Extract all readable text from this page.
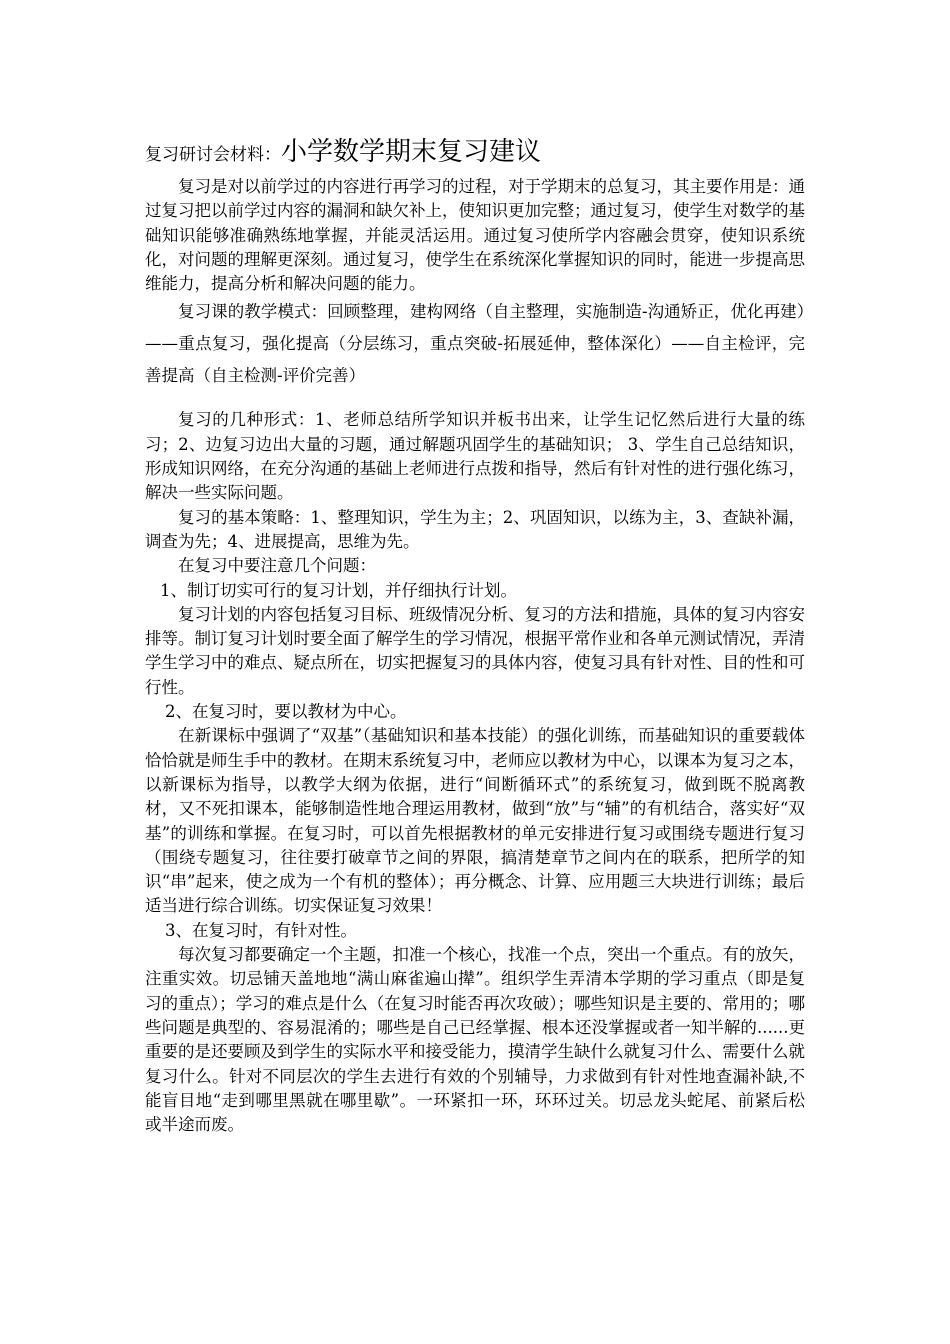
复习研讨会材料：小学数学期末复习建议

复习是对以前学过的内容进行再学习的过程，对于学期末的总复习，其主要作用是：通过复习把以前学过内容的漏洞和缺欠补上，使知识更加完整；通过复习，使学生对数学的基础知识能够准确熟练地掌握，并能灵活运用。通过复习使所学内容融会贯穿，使知识系统化，对问题的理解更深刻。通过复习，使学生在系统深化掌握知识的同时，能进一步提高思维能力，提高分析和解决问题的能力。

复习课的教学模式：回顾整理，建构网络（自主整理，实施制造-沟通矫正，优化再建）——重点复习，强化提高（分层练习，重点突破-拓展延伸，整体深化）——自主检评，完善提高（自主检测-评价完善）

复习的几种形式：1、老师总结所学知识并板书出来，让学生记忆然后进行大量的练习；2、边复习边出大量的习题，通过解题巩固学生的基础知识； 3、学生自己总结知识，形成知识网络，在充分沟通的基础上老师进行点拨和指导，然后有针对性的进行强化练习，解决一些实际问题。

复习的基本策略：1、整理知识，学生为主；2、巩固知识，以练为主，3、查缺补漏，调查为先；4、进展提高，思维为先。

在复习中要注意几个问题：

1、制订切实可行的复习计划，并仔细执行计划。

复习计划的内容包括复习目标、班级情况分析、复习的方法和措施，具体的复习内容安排等。制订复习计划时要全面了解学生的学习情况，根据平常作业和各单元测试情况，弄清学生学习中的难点、疑点所在，切实把握复习的具体内容，使复习具有针对性、目的性和可行性。

2、在复习时，要以教材为中心。

在新课标中强调了“双基”（基础知识和基本技能）的强化训练，而基础知识的重要载体恰恰就是师生手中的教材。在期末系统复习中，老师应以教材为中心，以课本为复习之本，以新课标为指导，以教学大纲为依据，进行“间断循环式”的系统复习，做到既不脱离教材，又不死扣课本，能够制造性地合理运用教材，做到“放”与“辅”的有机结合，落实好“双基”的训练和掌握。在复习时，可以首先根据教材的单元安排进行复习或围绕专题进行复习（围绕专题复习，往往要打破章节之间的界限，搞清楚章节之间内在的联系，把所学的知识“串”起来，使之成为一个有机的整体）；再分概念、计算、应用题三大块进行训练；最后适当进行综合训练。切实保证复习效果！

3、在复习时，有针对性。

每次复习都要确定一个主题，扣准一个核心，找准一个点，突出一个重点。有的放矢，注重实效。切忌铺天盖地地“满山麻雀遍山撵”。组织学生弄清本学期的学习重点（即是复习的重点）；学习的难点是什么（在复习时能否再次攻破）；哪些知识是主要的、常用的；哪些问题是典型的、容易混淆的；哪些是自己已经掌握、根本还没掌握或者一知半解的......更重要的是还要顾及到学生的实际水平和接受能力，摸清学生缺什么就复习什么、需要什么就复习什么。针对不同层次的学生去进行有效的个别辅导，力求做到有针对性地查漏补缺,不能盲目地“走到哪里黑就在哪里歇”。一环紧扣一环，环环过关。切忌龙头蛇尾、前紧后松或半途而废。
